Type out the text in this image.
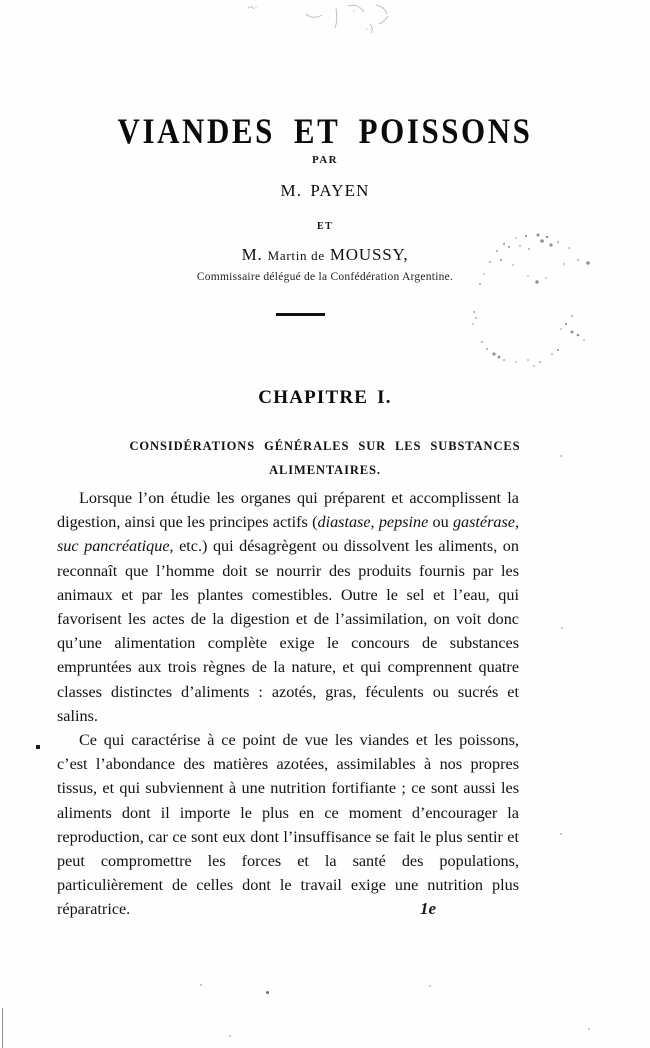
VIANDES ET POISSONS
PAR
M. PAYEN
ET
M. Martin de MOUSSY,
Commissaire délégué de la Confédération Argentine.
CHAPITRE I.
CONSIDÉRATIONS GÉNÉRALES SUR LES SUBSTANCES ALIMENTAIRES.

Lorsque l’on étudie les organes qui préparent et accomplissent la digestion, ainsi que les principes actifs (diastase, pepsine ou gastérase, suc pancréatique, etc.) qui désagrègent ou dissolvent les aliments, on reconnaît que l’homme doit se nourrir des produits fournis par les animaux et par les plantes comestibles. Outre le sel et l’eau, qui favorisent les actes de la digestion et de l’assimilation, on voit donc qu’une alimentation complète exige le concours de substances empruntées aux trois règnes de la nature, et qui comprennent quatre classes distinctes d’aliments : azotés, gras, féculents ou sucrés et salins.

Ce qui caractérise à ce point de vue les viandes et les poissons, c’est l’abondance des matières azotées, assimilables à nos propres tissus, et qui subviennent à une nutrition fortifiante ; ce sont aussi les aliments dont il importe le plus en ce moment d’encourager la reproduction, car ce sont eux dont l’insuffisance se fait le plus sentir et peut compromettre les forces et la santé des populations, particulièrement de celles dont le travail exige une nutrition plus réparatrice.	1e
